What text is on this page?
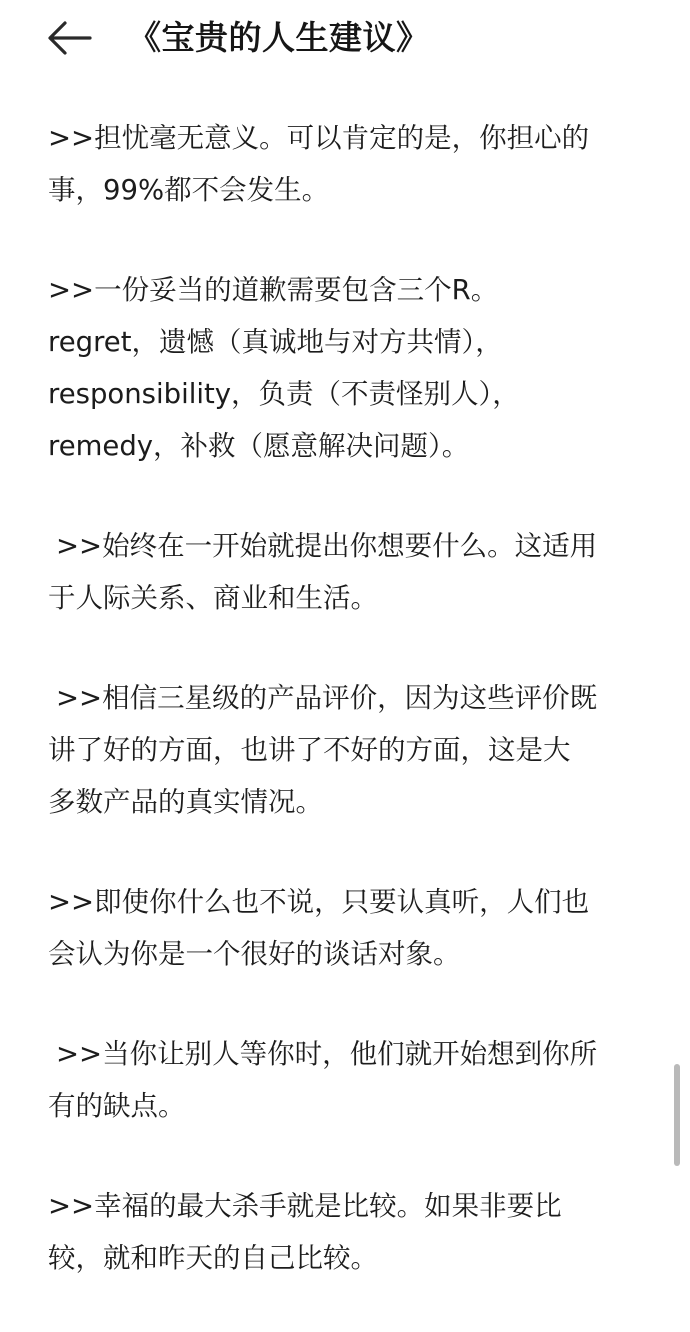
《宝贵的人生建议》

>>担忧毫无意义。可以肯定的是，你担心的
事，99%都不会发生。

>>一份妥当的道歉需要包含三个R。
regret，遗憾（真诚地与对方共情），
responsibility，负责（不责怪别人），
remedy，补救（愿意解决问题）。

>>始终在一开始就提出你想要什么。这适用
于人际关系、商业和生活。

>>相信三星级的产品评价，因为这些评价既
讲了好的方面，也讲了不好的方面，这是大
多数产品的真实情况。

>>即使你什么也不说，只要认真听，人们也
会认为你是一个很好的谈话对象。

>>当你让别人等你时，他们就开始想到你所
有的缺点。

>>幸福的最大杀手就是比较。如果非要比
较，就和昨天的自己比较。
